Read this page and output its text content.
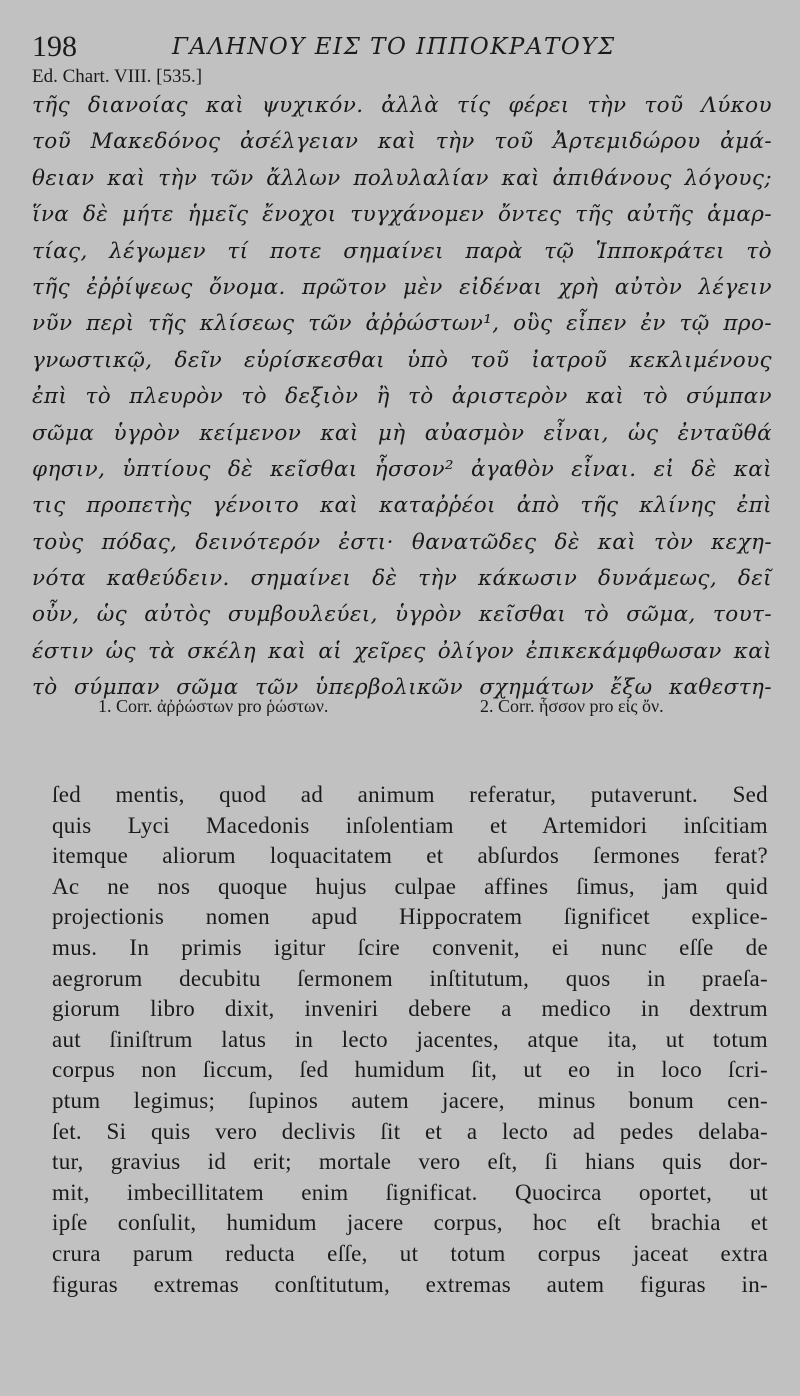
198	ΓΑΛΗΝΟΥ ΕΙΣ ΤΟ ΙΠΠΟΚΡΑΤΟΥΣ
Ed. Chart. VIII. [535.]
τῆς διανοίας καὶ ψυχικόν. ἀλλὰ τίς φέρει τὴν τοῦ Λύκου
τοῦ Μακεδόνος ἀσέλγειαν καὶ τὴν τοῦ Ἀρτεμιδώρου ἀμά-
θειαν καὶ τὴν τῶν ἄλλων πολυλαλίαν καὶ ἀπιθάνους λόγους;
ἵνα δὲ μήτε ἡμεῖς ἔνοχοι τυγχάνομεν ὄντες τῆς αὐτῆς ἁμαρ-
τίας, λέγωμεν τί ποτε σημαίνει παρὰ τῷ Ἱπποκράτει τὸ
τῆς ἐῤῥίψεως ὄνομα. πρῶτον μὲν εἰδέναι χρὴ αὐτὸν λέγειν
νῦν περὶ τῆς κλίσεως τῶν ἀῤῥώστων¹, οὓς εἶπεν ἐν τῷ προ-
γνωστικῷ, δεῖν εὑρίσκεσθαι ὑπὸ τοῦ ἰατροῦ κεκλιμένους
ἐπὶ τὸ πλευρὸν τὸ δεξιὸν ἢ τὸ ἀριστερὸν καὶ τὸ σύμπαν
σῶμα ὑγρὸν κείμενον καὶ μὴ αὐασμὸν εἶναι, ὡς ἐνταῦθά
φησιν, ὑπτίους δὲ κεῖσθαι ἧσσον² ἀγαθὸν εἶναι. εἰ δὲ καὶ
τις προπετὴς γένοιτο καὶ καταῤῥέοι ἀπὸ τῆς κλίνης ἐπὶ
τοὺς πόδας, δεινότερόν ἐστι· θανατῶδες δὲ καὶ τὸν κεχη-
νότα καθεύδειν. σημαίνει δὲ τὴν κάκωσιν δυνάμεως, δεῖ
οὖν, ὡς αὐτὸς συμβουλεύει, ὑγρὸν κεῖσθαι τὸ σῶμα, τουτ-
έστιν ὡς τὰ σκέλη καὶ αἱ χεῖρες ὀλίγον ἐπικεκάμφθωσαν καὶ
τὸ σύμπαν σῶμα τῶν ὑπερβολικῶν σχημάτων ἔξω καθεστη-
1. Corr. ἀῤῥώστων pro ῥώστων.	2. Corr. ἧσσον pro εἰς ὄν.
ſed mentis, quod ad animum referatur, putaverunt. Sed
quis Lyci Macedonis inſolentiam et Artemidori inſcitiam
itemque aliorum loquacitatem et abſurdos ſermones ferat?
Ac ne nos quoque hujus culpae affines ſimus, jam quid
projectionis nomen apud Hippocratem ſignificet explice-
mus. In primis igitur ſcire convenit, ei nunc eſſe de
aegrorum decubitu ſermonem inſtitutum, quos in praeſa-
giorum libro dixit, inveniri debere a medico in dextrum
aut ſiniſtrum latus in lecto jacentes, atque ita, ut totum
corpus non ſiccum, ſed humidum ſit, ut eo in loco ſcri-
ptum legimus; ſupinos autem jacere, minus bonum cen-
ſet. Si quis vero declivis ſit et a lecto ad pedes delaba-
tur, gravius id erit; mortale vero eſt, ſi hians quis dor-
mit, imbecillitatem enim ſignificat. Quocirca oportet, ut
ipſe conſulit, humidum jacere corpus, hoc eſt brachia et
crura parum reducta eſſe, ut totum corpus jaceat extra
figuras extremas conſtitutum, extremas autem figuras in-
